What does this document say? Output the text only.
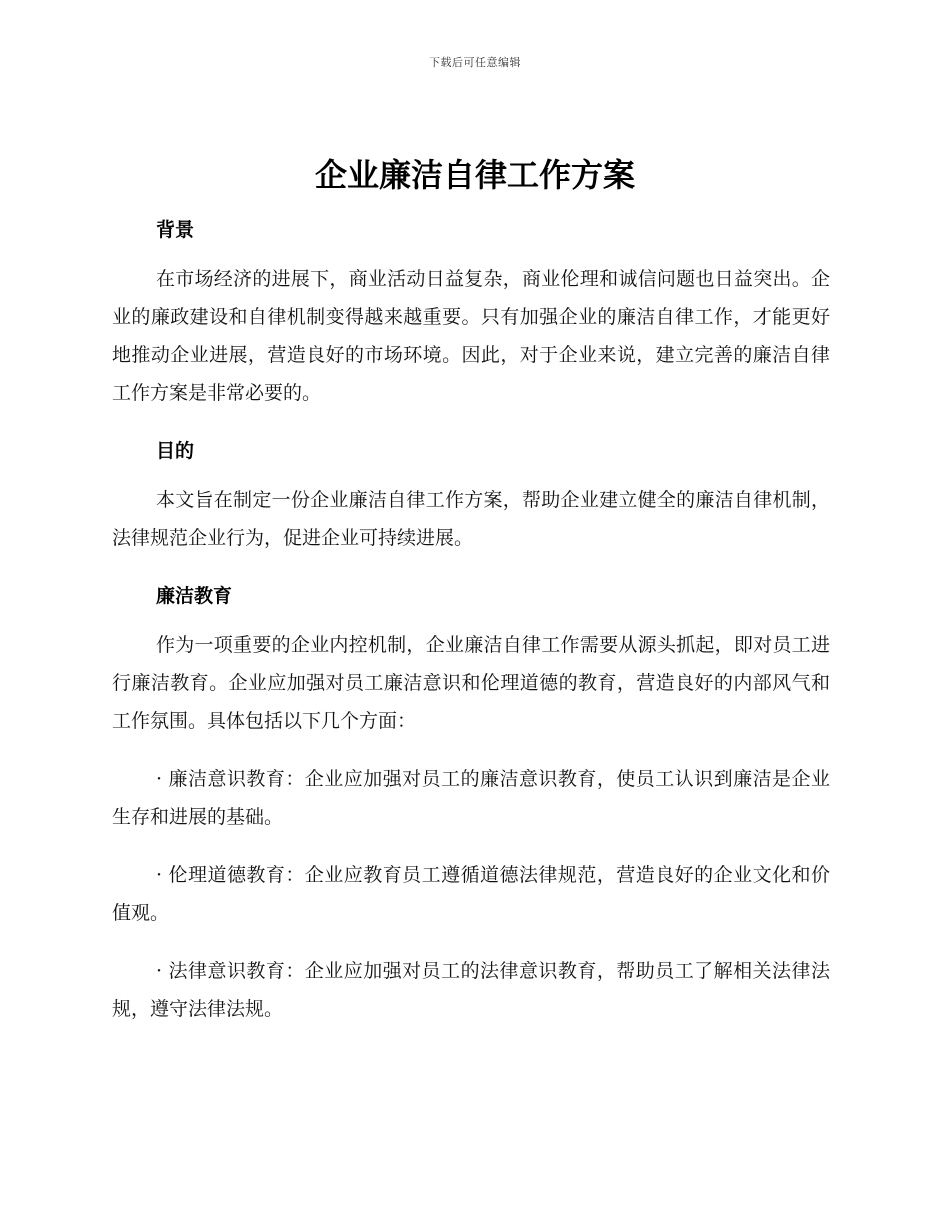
下载后可任意编辑
企业廉洁自律工作方案
背景

在市场经济的进展下，商业活动日益复杂，商业伦理和诚信问题也日益突出。企业的廉政建设和自律机制变得越来越重要。只有加强企业的廉洁自律工作，才能更好地推动企业进展，营造良好的市场环境。因此，对于企业来说，建立完善的廉洁自律工作方案是非常必要的。

目的

本文旨在制定一份企业廉洁自律工作方案，帮助企业建立健全的廉洁自律机制，法律规范企业行为，促进企业可持续进展。

廉洁教育

作为一项重要的企业内控机制，企业廉洁自律工作需要从源头抓起，即对员工进行廉洁教育。企业应加强对员工廉洁意识和伦理道德的教育，营造良好的内部风气和工作氛围。具体包括以下几个方面：

· 廉洁意识教育：企业应加强对员工的廉洁意识教育，使员工认识到廉洁是企业生存和进展的基础。

· 伦理道德教育：企业应教育员工遵循道德法律规范，营造良好的企业文化和价值观。

· 法律意识教育：企业应加强对员工的法律意识教育，帮助员工了解相关法律法规，遵守法律法规。
